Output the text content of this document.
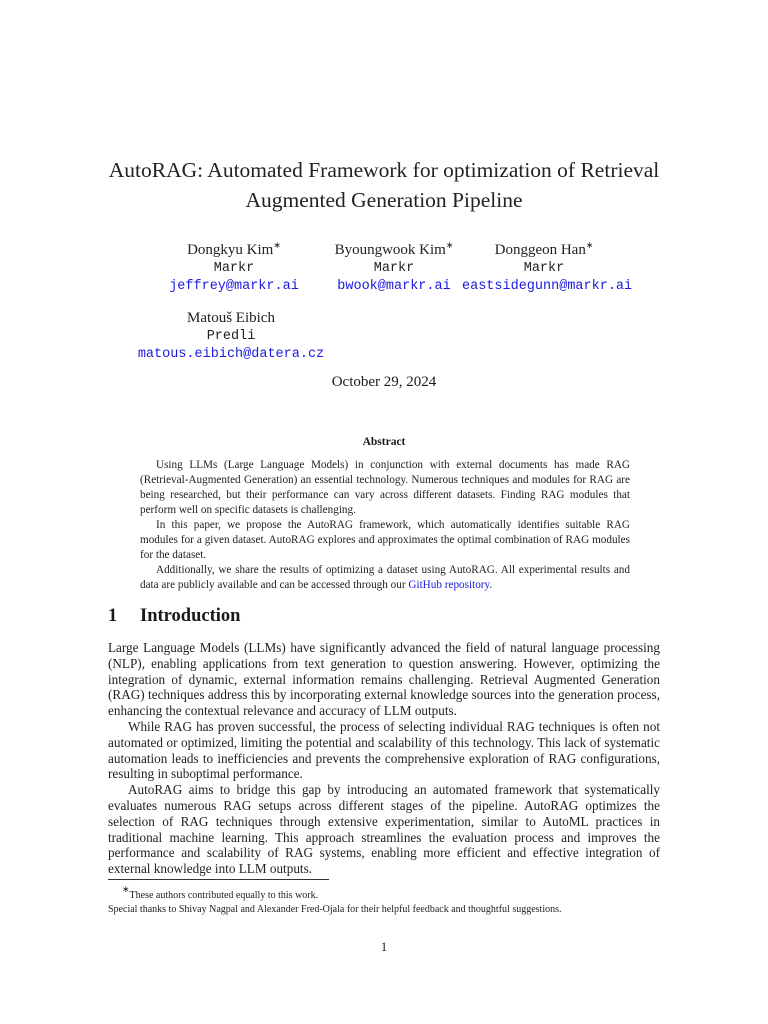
AutoRAG: Automated Framework for optimization of Retrieval
Augmented Generation Pipeline
Dongkyu Kim∗
Markr
jeffrey@markr.ai
Byoungwook Kim∗
Markr
bwook@markr.ai
Donggeon Han∗
Markr
eastsidegunn@markr.ai
Matouš Eibich
Predli
matous.eibich@datera.cz
October 29, 2024
Abstract

Using LLMs (Large Language Models) in conjunction with external documents has made RAG (Retrieval-Augmented Generation) an essential technology. Numerous techniques and modules for RAG are being researched, but their performance can vary across different datasets. Finding RAG modules that perform well on specific datasets is challenging.

In this paper, we propose the AutoRAG framework, which automatically identifies suitable RAG modules for a given dataset. AutoRAG explores and approximates the optimal combination of RAG modules for the dataset.

Additionally, we share the results of optimizing a dataset using AutoRAG. All experimental results and data are publicly available and can be accessed through our GitHub repository.

1 Introduction

Large Language Models (LLMs) have significantly advanced the field of natural language processing (NLP), enabling applications from text generation to question answering. However, optimizing the integration of dynamic, external information remains challenging. Retrieval Augmented Generation (RAG) techniques address this by incorporating external knowledge sources into the generation process, enhancing the contextual relevance and accuracy of LLM outputs.

While RAG has proven successful, the process of selecting individual RAG techniques is often not automated or optimized, limiting the potential and scalability of this technology. This lack of systematic automation leads to inefficiencies and prevents the comprehensive exploration of RAG configurations, resulting in suboptimal performance.

AutoRAG aims to bridge this gap by introducing an automated framework that systematically evaluates numerous RAG setups across different stages of the pipeline. AutoRAG optimizes the selection of RAG techniques through extensive experimentation, similar to AutoML practices in traditional machine learning. This approach streamlines the evaluation process and improves the performance and scalability of RAG systems, enabling more efficient and effective integration of external knowledge into LLM outputs.

∗These authors contributed equally to this work.

Special thanks to Shivay Nagpal and Alexander Fred-Ojala for their helpful feedback and thoughtful suggestions.

1
